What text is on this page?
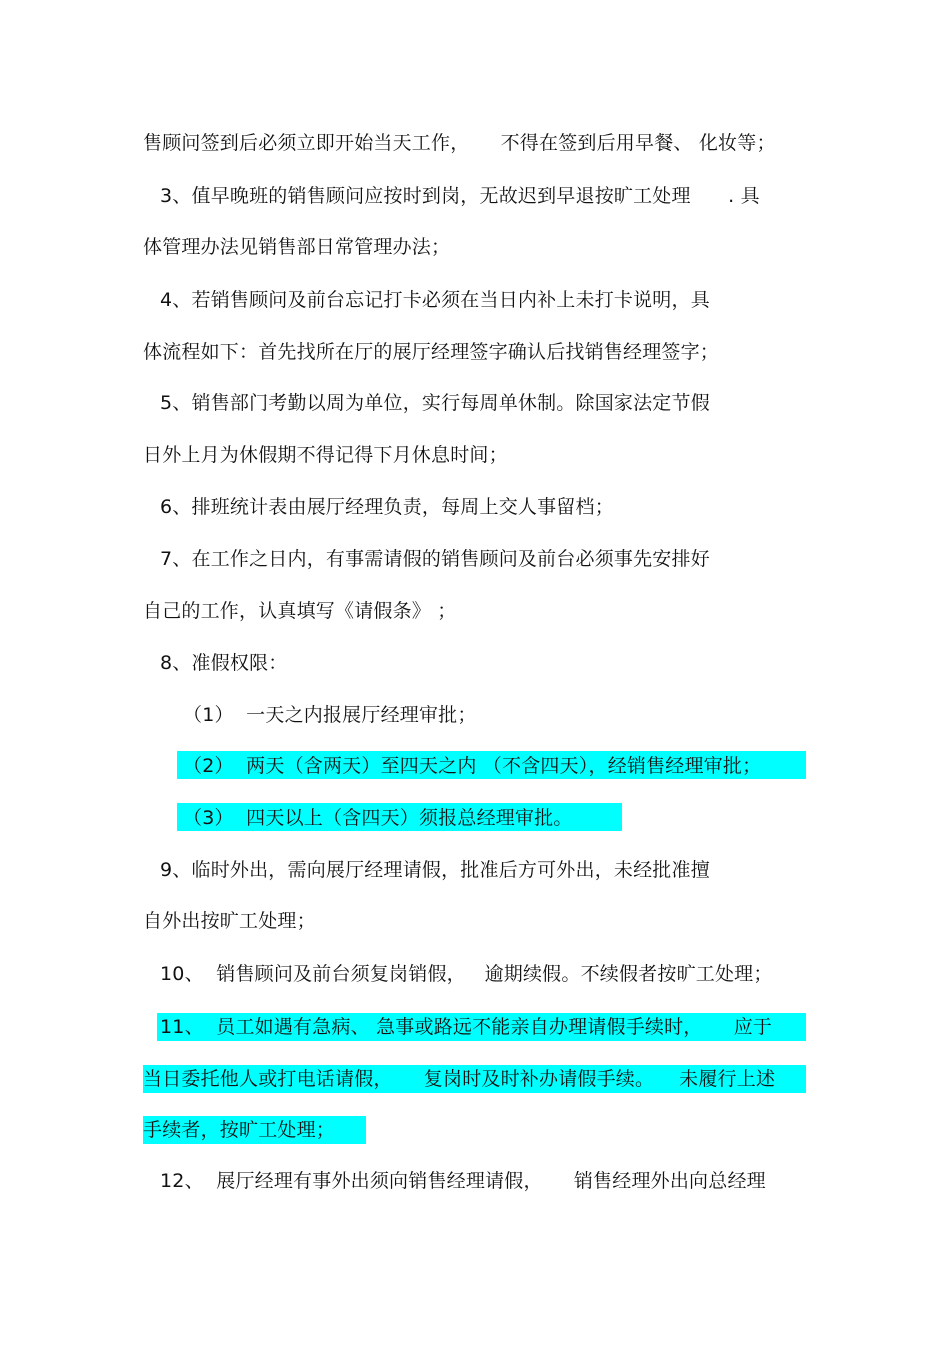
售顾问签到后必须立即开始当天工作，     不得在签到后用早餐、 化妆等；
3、值早晚班的销售顾问应按时到岗，无故迟到早退按旷工处理      . 具
体管理办法见销售部日常管理办法；
4、若销售顾问及前台忘记打卡必须在当日内补上未打卡说明，具
体流程如下：首先找所在厅的展厅经理签字确认后找销售经理签字；
5、销售部门考勤以周为单位，实行每周单休制。除国家法定节假
日外上月为休假期不得记得下月休息时间；
6、排班统计表由展厅经理负责，每周上交人事留档；
7、在工作之日内，有事需请假的销售顾问及前台必须事先安排好
自己的工作，认真填写《请假条》 ；
8、准假权限：
（1）  一天之内报展厅经理审批；
（2）  两天（含两天）至四天之内 （不含四天），经销售经理审批；
（3）  四天以上（含四天）须报总经理审批。
9、临时外出，需向展厅经理请假，批准后方可外出，未经批准擅
自外出按旷工处理；
10、  销售顾问及前台须复岗销假，   逾期续假。不续假者按旷工处理；
11、  员工如遇有急病、 急事或路远不能亲自办理请假手续时，     应于
当日委托他人或打电话请假，     复岗时及时补办请假手续。    未履行上述
手续者，按旷工处理；
12、  展厅经理有事外出须向销售经理请假，     销售经理外出向总经理
